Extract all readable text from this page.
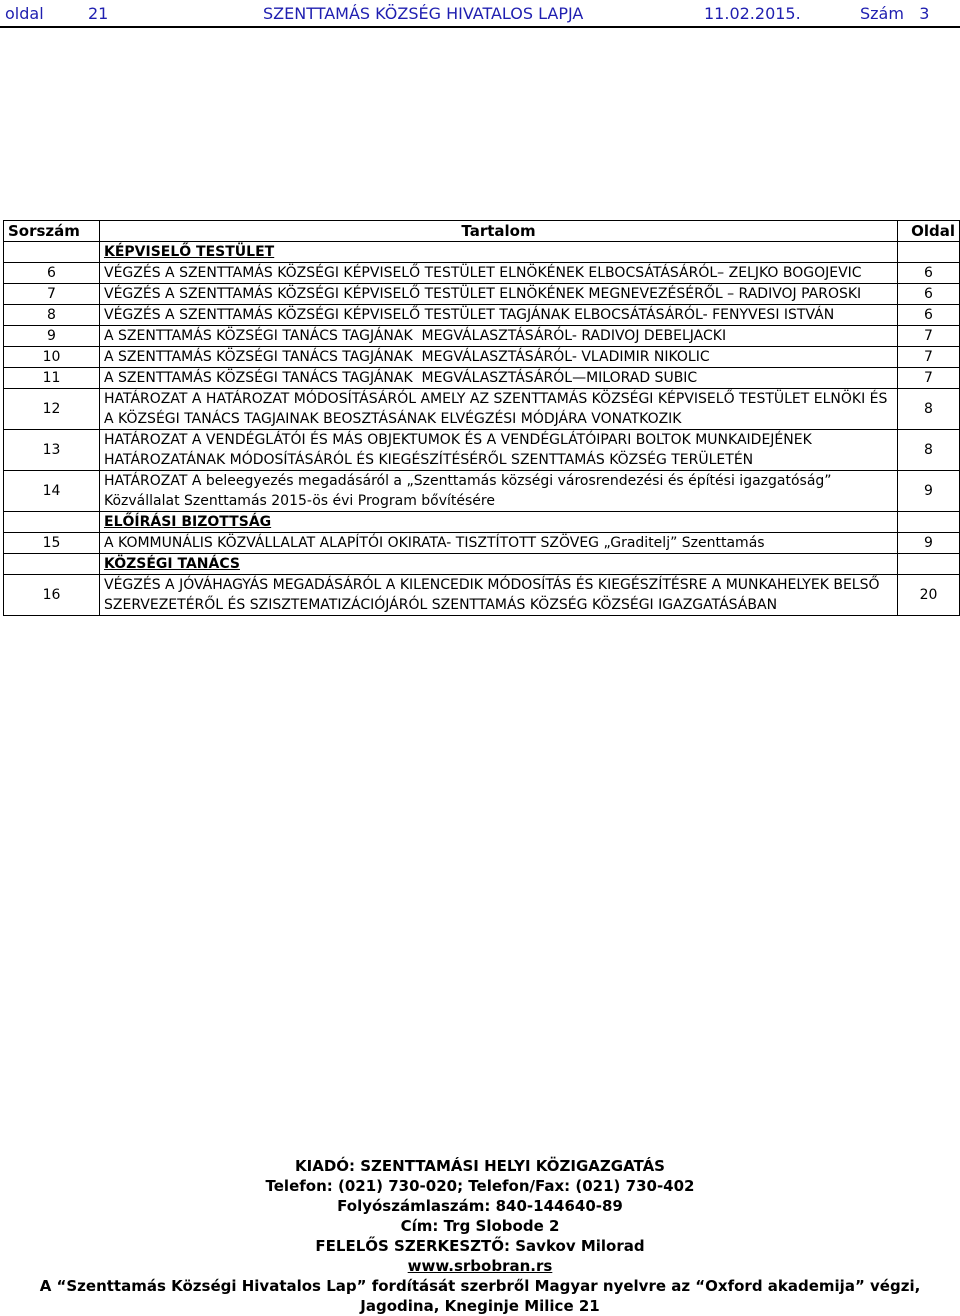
oldal	21	SZENTTAMÁS KÖZSÉG HIVATALOS LAPJA	11.02.2015.	Szám   3
Sorszám	Tartalom	Oldal
	KÉPVISELŐ TESTÜLET	
6	VÉGZÉS A SZENTTAMÁS KÖZSÉGI KÉPVISELŐ TESTÜLET ELNÖKÉNEK ELBOCSÁTÁSÁRÓL– ZELJKO BOGOJEVIC	6
7	VÉGZÉS A SZENTTAMÁS KÖZSÉGI KÉPVISELŐ TESTÜLET ELNÖKÉNEK MEGNEVEZÉSÉRŐL – RADIVOJ PAROSKI	6
8	VÉGZÉS A SZENTTAMÁS KÖZSÉGI KÉPVISELŐ TESTÜLET TAGJÁNAK ELBOCSÁTÁSÁRÓL- FENYVESI ISTVÁN	6
9	A SZENTTAMÁS KÖZSÉGI TANÁCS TAGJÁNAK  MEGVÁLASZTÁSÁRÓL- RADIVOJ DEBELJACKI	7
10	A SZENTTAMÁS KÖZSÉGI TANÁCS TAGJÁNAK  MEGVÁLASZTÁSÁRÓL- VLADIMIR NIKOLIC	7
11	A SZENTTAMÁS KÖZSÉGI TANÁCS TAGJÁNAK  MEGVÁLASZTÁSÁRÓL—MILORAD SUBIC	7
12	HATÁROZAT A HATÁROZAT MÓDOSÍTÁSÁRÓL AMELY AZ SZENTTAMÁS KÖZSÉGI KÉPVISELŐ TESTÜLET ELNÖKI ÉS A KÖZSÉGI TANÁCS TAGJAINAK BEOSZTÁSÁNAK ELVÉGZÉSI MÓDJÁRA VONATKOZIK	8
13	HATÁROZAT A VENDÉGLÁTÓI ÉS MÁS OBJEKTUMOK ÉS A VENDÉGLÁTÓIPARI BOLTOK MUNKAIDEJÉNEK HATÁROZATÁNAK MÓDOSÍTÁSÁRÓL ÉS KIEGÉSZÍTÉSÉRŐL SZENTTAMÁS KÖZSÉG TERÜLETÉN	8
14	HATÁROZAT A beleegyezés megadásáról a „Szenttamás községi városrendezési és építési igazgatóság” Közvállalat Szenttamás 2015-ös évi Program bővítésére	9
	ELŐÍRÁSI BIZOTTSÁG	
15	A KOMMUNÁLIS KÖZVÁLLALAT ALAPÍTÓI OKIRATA- TISZTÍTOTT SZÖVEG „Graditelj” Szenttamás	9
	KÖZSÉGI TANÁCS	
16	VÉGZÉS A JÓVÁHAGYÁS MEGADÁSÁRÓL A KILENCEDIK MÓDOSÍTÁS ÉS KIEGÉSZÍTÉSRE A MUNKAHELYEK BELSŐ SZERVEZETÉRŐL ÉS SZISZTEMATIZÁCIÓJÁRÓL SZENTTAMÁS KÖZSÉG KÖZSÉGI IGAZGATÁSÁBAN	20
KIADÓ: SZENTTAMÁSI HELYI KÖZIGAZGATÁS
Telefon: (021) 730-020; Telefon/Fax: (021) 730-402
Folyószámlaszám: 840-144640-89
Cím: Trg Slobode 2
FELELŐS SZERKESZTŐ: Savkov Milorad
www.srbobran.rs
A “Szenttamás Községi Hivatalos Lap” fordítását szerbről Magyar nyelvre az “Oxford akademija” végzi,
Jagodina, Kneginje Milice 21
